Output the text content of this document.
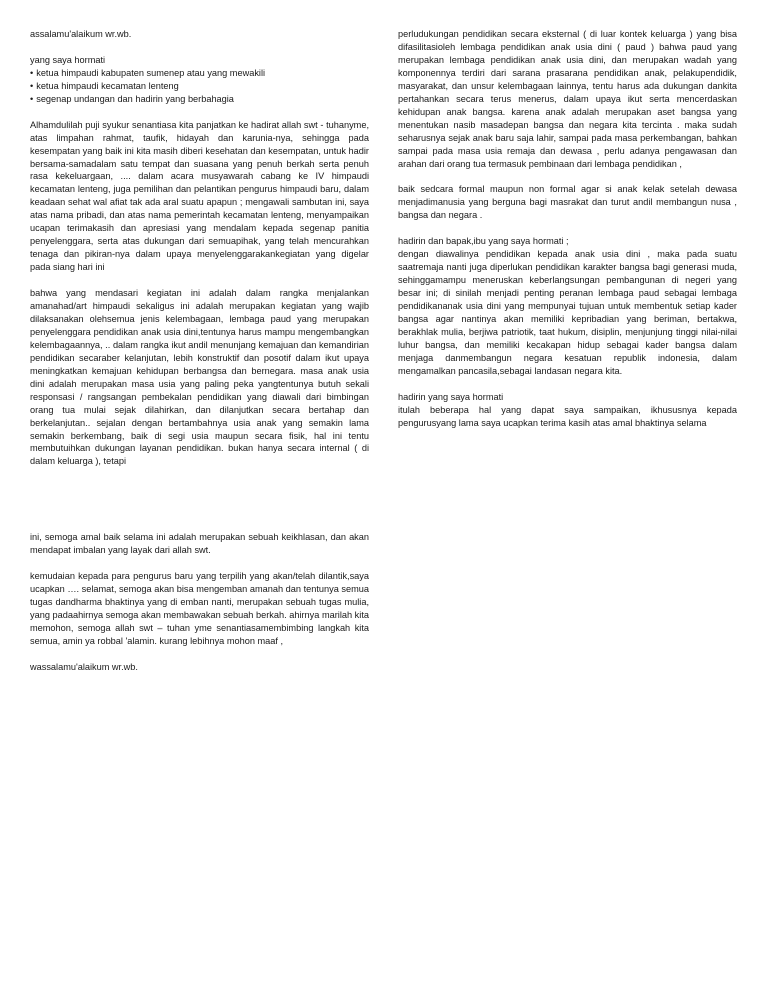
assalamu'alaikum wr.wb.

yang saya hormati

• ketua himpaudi kabupaten sumenep atau yang mewakili

• ketua himpaudi kecamatan lenteng

• segenap undangan dan hadirin yang berbahagia

Alhamdulilah puji syukur senantiasa kita panjatkan ke hadirat allah swt - tuhanyme, atas limpahan rahmat, taufik, hidayah dan karunia-nya, sehingga pada kesempatan yang baik ini kita masih diberi kesehatan dan kesempatan, untuk hadir bersama-samadalam satu tempat dan suasana yang penuh berkah serta penuh rasa kekeluargaan, .... dalam acara musyawarah cabang ke IV himpaudi kecamatan lenteng, juga pemilihan dan pelantikan pengurus himpaudi baru, dalam keadaan sehat wal afiat tak ada aral suatu apapun ; mengawali sambutan ini, saya atas nama pribadi, dan atas nama pemerintah kecamatan lenteng, menyampaikan ucapan terimakasih dan apresiasi yang mendalam kepada segenap panitia penyelenggara, serta atas dukungan dari semuapihak, yang telah mencurahkan tenaga dan pikiran-nya dalam upaya menyelenggarakankegiatan yang digelar pada siang hari ini

bahwa yang mendasari kegiatan ini adalah dalam rangka menjalankan amanahad/art himpaudi sekaligus ini adalah merupakan kegiatan yang wajib dilaksanakan olehsemua jenis kelembagaan, lembaga paud yang merupakan penyelenggara pendidikan anak usia dini,tentunya harus mampu mengembangkan kelembagaannya, .. dalam rangka ikut andil menunjang kemajuan dan kemandirian pendidikan secaraber kelanjutan, lebih konstruktif dan posotif dalam ikut upaya meningkatkan kemajuan kehidupan berbangsa dan bernegara. masa anak usia dini adalah merupakan masa usia yang paling peka yangtentunya butuh sekali responsasi / rangsangan pembekalan pendidikan yang diawali dari bimbingan orang tua mulai sejak dilahirkan, dan dilanjutkan secara bertahap dan berkelanjutan.. sejalan dengan bertambahnya usia anak yang semakin lama semakin berkembang, baik di segi usia maupun secara fisik, hal ini tentu membutuihkan dukungan layanan pendidikan. bukan hanya secara internal ( di dalam keluarga ), tetapi

perludukungan pendidikan secara eksternal ( di luar kontek keluarga ) yang bisa difasilitasioleh lembaga pendidikan anak usia dini ( paud ) bahwa paud yang merupakan lembaga pendidikan anak usia dini, dan merupakan wadah yang komponennya terdiri dari sarana prasarana pendidikan anak, pelakupendidik, masyarakat, dan unsur kelembagaan lainnya, tentu harus ada dukungan dankita pertahankan secara terus menerus, dalam upaya ikut serta mencerdaskan kehidupan anak bangsa. karena anak adalah merupakan aset bangsa yang menentukan nasib masadepan bangsa dan negara kita tercinta . maka sudah seharusnya sejak anak baru saja lahir, sampai pada masa perkembangan, bahkan sampai pada masa usia remaja dan dewasa , perlu adanya pengawasan dan arahan dari orang tua termasuk pembinaan dari lembaga pendidikan ,

baik sedcara formal maupun non formal agar si anak kelak setelah dewasa menjadimanusia yang berguna bagi masrakat dan turut andil membangun nusa , bangsa dan negara .

hadirin dan bapak,ibu yang saya hormati ;

dengan diawalinya pendidikan kepada anak usia dini , maka pada suatu saatremaja nanti juga diperlukan pendidikan karakter bangsa bagi generasi muda, sehinggamampu meneruskan keberlangsungan pembangunan di negeri yang besar ini; di sinilah menjadi penting peranan lembaga paud sebagai lembaga pendidikananak usia dini yang mempunyai tujuan untuk membentuk setiap kader bangsa agar nantinya akan memiliki kepribadian yang beriman, bertakwa, berakhlak mulia, berjiwa patriotik, taat hukum, disiplin, menjunjung tinggi nilai-nilai luhur bangsa, dan memiliki kecakapan hidup sebagai kader bangsa dalam menjaga danmembangun negara kesatuan republik indonesia, dalam mengamalkan pancasila,sebagai landasan negara kita.

hadirin yang saya hormati

itulah beberapa hal yang dapat saya sampaikan, ikhususnya kepada pengurusyang lama saya ucapkan terima kasih atas amal bhaktinya selama

ini, semoga amal baik selama ini adalah merupakan sebuah keikhlasan, dan akan mendapat imbalan yang layak dari allah swt.

kemudaian kepada para pengurus baru yang terpilih yang akan/telah dilantik,saya ucapkan …. selamat, semoga akan bisa mengemban amanah dan tentunya semua tugas dandharma bhaktinya yang di emban nanti, merupakan sebuah tugas mulia, yang padaahirnya semoga akan membawakan sebuah berkah. ahirnya marilah kita memohon, semoga allah swt – tuhan yme senantiasamembimbing langkah kita semua, amin ya robbal 'alamin. kurang lebihnya mohon maaf ,

wassalamu'alaikum wr.wb.
